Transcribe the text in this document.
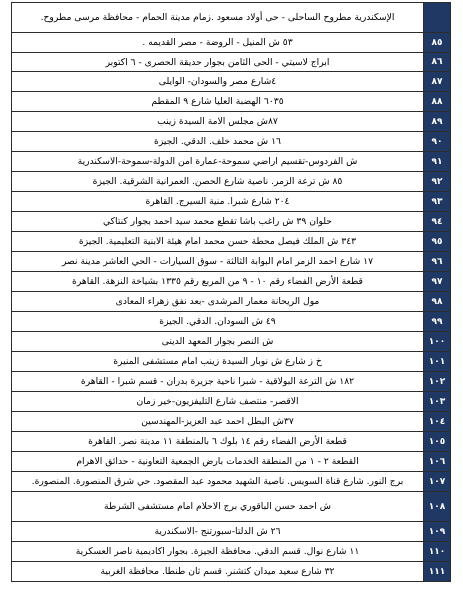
	الإسكندرية مطروح الساحلى - حى أولاد مسعود .زمام مدينة الحمام - محافظة مرسى مطروح.
٨٥	٥٣ ش المنيل - الروضة - مصر القديمه .
٨٦	ابراج لاسيتي - الحى الثامن بجوار حديقة الحصرى - ٦ اكتوبر
٨٧	٤شارع مصر والسودان- الوايلى
٨٨	٦٠٣٥ الهضبة العليا شارع ٩ المقطم
٨٩	٨٧ش مجلس الامة السيدة زينب
٩٠	١٦ ش محمد خلف. الدقي. الجيزة
٩١	ش الفردوس-تقسيم اراضي سموحة-عمارة امن الدولة-سموحة-الاسكندرية
٩٢	٨٥ ش ترعة الزمر. ناصية شارع الحصن. العمرانية الشرقية. الجيزة
٩٣	٢٠٤ شارع شبرا. منية السيرج. القاهرة
٩٤	حلوان ٣٩ ش راغب باشا تقطع محمد سيد احمد بجوار كنتاكي
٩٥	٣٤٣ ش الملك فيصل محطة حسن محمد امام هيئة الابنية التعليمية. الجيزة
٩٦	١٧ شارع احمد الزمر امام البوابة الثالثة - سوق السيارات - الحي العاشر مدينة نصر
٩٧	قطعة الأرض الفضاء رقم ١٠ - ٩ من المربع رقم ١٣٣٥ بشياخة النزهة. القاهرة
٩٨	مول الريحانة معمار المرشدى -بعد نفق زهراء المعادى
٩٩	٤٩ ش السودان. الدقي. الجيزة
١٠٠	ش النصر بجوار المعهد الدينى
١٠١	خ ز شارع ش نوبار السيدة زينب امام مستشفى المنيرة
١٠٢	١٨٢ ش الترعة البولاقية - شبرا ناحية جزيرة بدران - قسم شبرا - القاهرة
١٠٣	الاقصر- منتصف شارع التليفزيون-خير زمان
١٠٤	٣٧ش البطل احمد عبد العزيز-المهندسين
١٠٥	قطعة الأرض الفضاء رقم ١٤ بلوك ٦ بالمنطقة ١١ مدينة نصر. القاهرة
١٠٦	القطعة ٢ - ١ من المنطقة الخدمات بارض الجمعية التعاونية - حدائق الاهرام
١٠٧	برج النور. شارع قناة السويس. ناصية الشهيد محمود عبد المقصود. حي شرق المنصورة. المنصورة.
١٠٨	ش احمد حسن الباقوري برج الاحلام امام مستشفى الشرطة
١٠٩	٢٦ ش الدلتا-سبورتنج -الاسكندرية
١١٠	١١ شارع نوال. قسم الدقي. محافظة الجيزة. بجوار اكاديمية ناصر العسكرية
١١١	٣٢ شارع سعيد ميدان كتشنر. قسم ثان طنطا. محافظة الغربية
